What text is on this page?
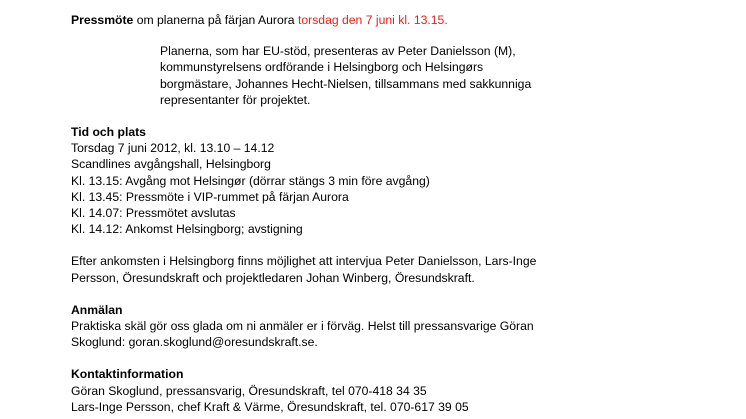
Pressmöte om planerna på färjan Aurora torsdag den 7 juni kl. 13.15.
Planerna, som har EU-stöd, presenteras av Peter Danielsson (M),
kommunstyrelsens ordförande i Helsingborg och Helsingørs
borgmästare, Johannes Hecht-Nielsen, tillsammans med sakkunniga
representanter för projektet.
Tid och plats
Torsdag 7 juni 2012, kl. 13.10 – 14.12
Scandlines avgångshall, Helsingborg
Kl. 13.15: Avgång mot Helsingør (dörrar stängs 3 min före avgång)
Kl. 13.45: Pressmöte i VIP-rummet på färjan Aurora
Kl. 14.07: Pressmötet avslutas
Kl. 14.12: Ankomst Helsingborg; avstigning
Efter ankomsten i Helsingborg finns möjlighet att intervjua Peter Danielsson, Lars-Inge
Persson, Öresundskraft och projektledaren Johan Winberg, Öresundskraft.
Anmälan
Praktiska skäl gör oss glada om ni anmäler er i förväg. Helst till pressansvarige Göran
Skoglund: goran.skoglund@oresundskraft.se.
Kontaktinformation
Göran Skoglund, pressansvarig, Öresundskraft, tel 070-418 34 35
Lars-Inge Persson, chef Kraft & Värme, Öresundskraft, tel. 070-617 39 05
